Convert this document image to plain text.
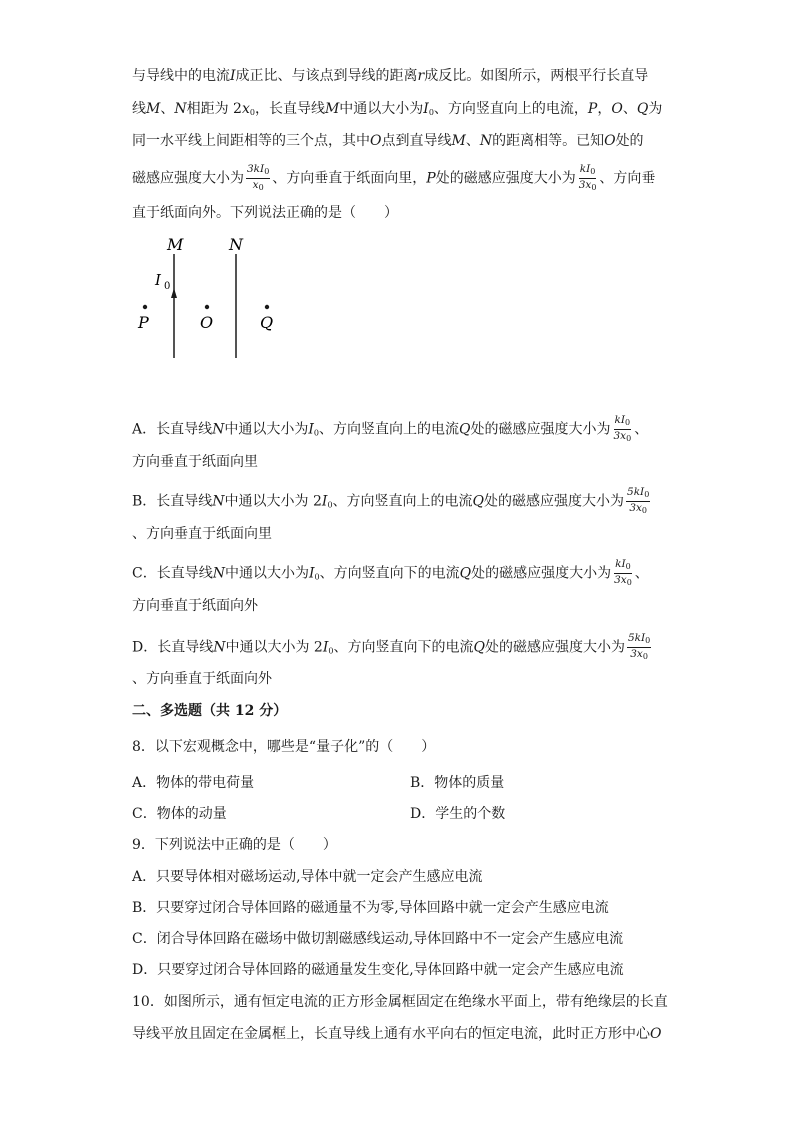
与导线中的电流I成正比、与该点到导线的距离r成反比。如图所示，两根平行长直导
线M、N相距为 $2x_0$，长直导线M中通以大小为$I_0$、方向竖直向上的电流，P，O、Q为
同一水平线上间距相等的三个点，其中O点到直导线M、N的距离相等。已知O处的
磁感应强度大小为 $\frac{3kI_0}{x_0}$ 、方向垂直于纸面向里，P处的磁感应强度大小为 $\frac{kI_0}{3x_0}$ 、方向垂
直于纸面向外。下列说法正确的是（　　）
M	N
I 0
P	O	Q
A．长直导线N中通以大小为$I_0$、方向竖直向上的电流Q处的磁感应强度大小为 $\frac{kI_0}{3x_0}$ 、
方向垂直于纸面向里
B．长直导线N中通以大小为 $2I_0$、方向竖直向上的电流Q处的磁感应强度大小为 $\frac{5kI_0}{3x_0}$
、方向垂直于纸面向里
C．长直导线N中通以大小为$I_0$、方向竖直向下的电流Q处的磁感应强度大小为 $\frac{kI_0}{3x_0}$ 、
方向垂直于纸面向外
D．长直导线N中通以大小为 $2I_0$、方向竖直向下的电流Q处的磁感应强度大小为 $\frac{5kI_0}{3x_0}$
、方向垂直于纸面向外
二、多选题（共 12 分）
8．以下宏观概念中，哪些是“量子化”的（　　）
A．物体的带电荷量	B．物体的质量
C．物体的动量	D．学生的个数
9．下列说法中正确的是（　　）
A．只要导体相对磁场运动,导体中就一定会产生感应电流
B．只要穿过闭合导体回路的磁通量不为零,导体回路中就一定会产生感应电流
C．闭合导体回路在磁场中做切割磁感线运动,导体回路中不一定会产生感应电流
D．只要穿过闭合导体回路的磁通量发生变化,导体回路中就一定会产生感应电流
10．如图所示，通有恒定电流的正方形金属框固定在绝缘水平面上，带有绝缘层的长直
导线平放且固定在金属框上，长直导线上通有水平向右的恒定电流，此时正方形中心O
